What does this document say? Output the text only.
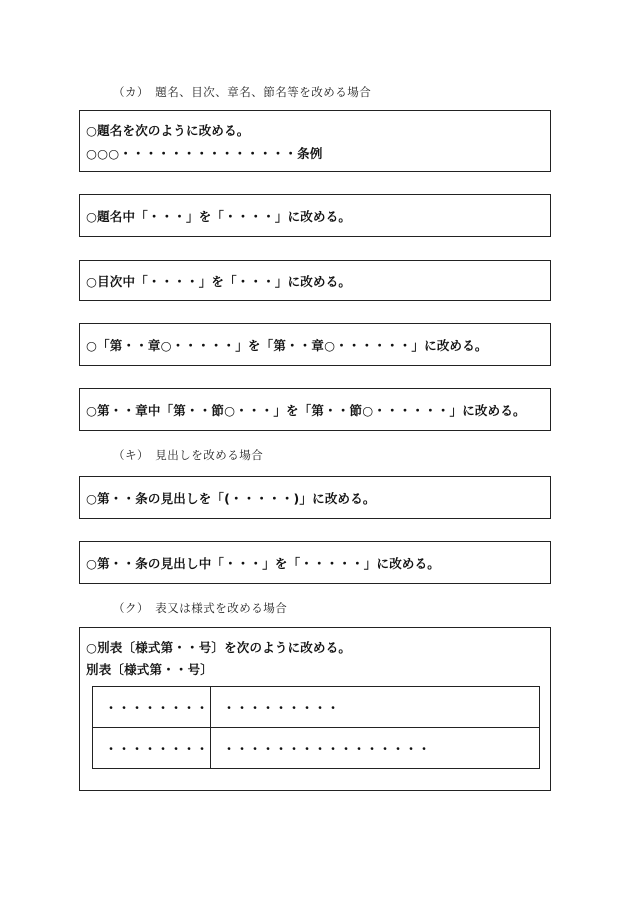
（カ）　題名、目次、章名、節名等を改める場合
○題名を次のように改める。
○○○・・・・・・・・・・・・・・条例
○題名中「・・・」を「・・・・」に改める。
○目次中「・・・・」を「・・・」に改める。
○「第・・章○・・・・・」を「第・・章○・・・・・・」に改める。
○第・・章中「第・・節○・・・」を「第・・節○・・・・・・」に改める。
（キ）　見出しを改める場合
○第・・条の見出しを「(・・・・・)」に改める。
○第・・条の見出し中「・・・」を「・・・・・」に改める。
（ク）　表又は様式を改める場合
○別表〔様式第・・号〕を次のように改める。
別表〔様式第・・号〕
・・・・・・・・	・・・・・・・・・
・・・・・・・・	・・・・・・・・・・・・・・・・
